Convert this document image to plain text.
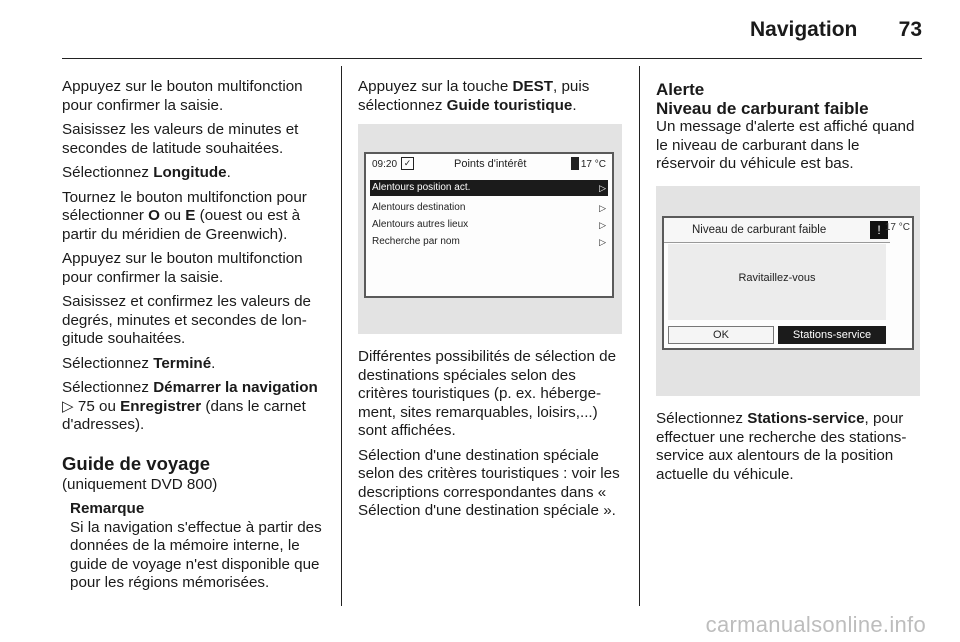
Navigation 73

Appuyez sur le bouton multifonction pour confirmer la saisie.

Saisissez les valeurs de minutes et secondes de latitude souhaitées.

Sélectionnez Longitude.

Tournez le bouton multifonction pour sélectionner O ou E (ouest ou est à partir du méridien de Greenwich).

Appuyez sur le bouton multifonction pour confirmer la saisie.

Saisissez et confirmez les valeurs de degrés, minutes et secondes de lon-gitude souhaitées.

Sélectionnez Terminé.

Sélectionnez Démarrer la navigation ▷ 75 ou Enregistrer (dans le carnet d'adresses).

Guide de voyage

(uniquement DVD 800)

Remarque
Si la navigation s'effectue à partir des données de la mémoire interne, le guide de voyage n'est disponible que pour les régions mémorisées.

Appuyez sur la touche DEST, puis sélectionnez Guide touristique.

09:20 ✓	Points d'intérêt	17 °C
Alentours position act.	▷
Alentours destination	▷
Alentours autres lieux	▷
Recherche par nom	▷

Différentes possibilités de sélection de destinations spéciales selon des critères touristiques (p. ex. héberge-ment, sites remarquables, loisirs,...) sont affichées.

Sélection d'une destination spéciale selon des critères touristiques : voir les descriptions correspondantes dans « Sélection d'une destination spéciale ».

Alerte
Niveau de carburant faible

Un message d'alerte est affiché quand le niveau de carburant dans le réservoir du véhicule est bas.

Niveau de carburant faible	! 17 °C
Ravitaillez-vous
OK	Stations-service

Sélectionnez Stations-service, pour effectuer une recherche des stations-service aux alentours de la position actuelle du véhicule.

carmanualsonline.info
